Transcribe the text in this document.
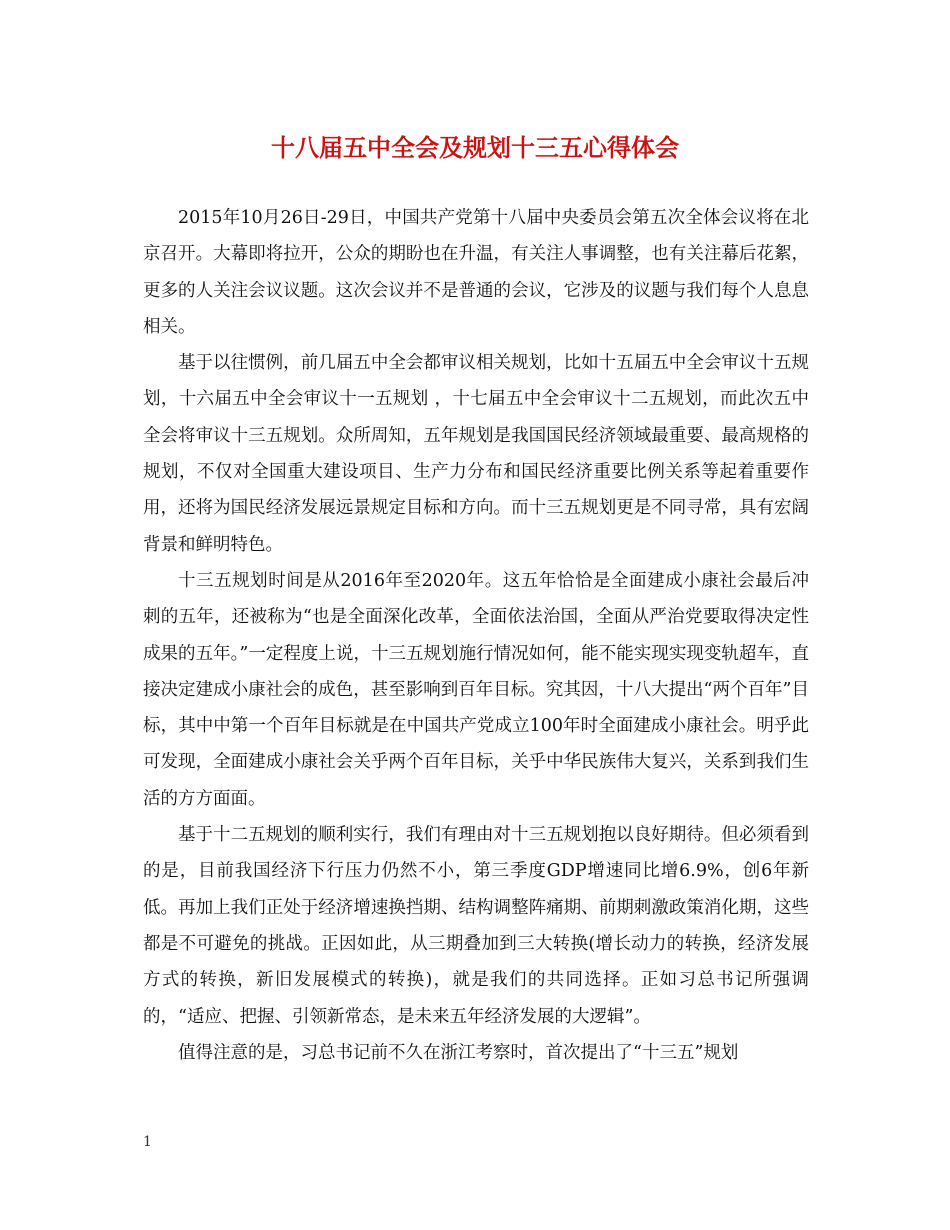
十八届五中全会及规划十三五心得体会

2015年10月26日-29日，中国共产党第十八届中央委员会第五次全体会议将在北京召开。大幕即将拉开，公众的期盼也在升温，有关注人事调整，也有关注幕后花絮，更多的人关注会议议题。这次会议并不是普通的会议，它涉及的议题与我们每个人息息相关。

基于以往惯例，前几届五中全会都审议相关规划，比如十五届五中全会审议十五规划，十六届五中全会审议十一五规划 ，十七届五中全会审议十二五规划，而此次五中全会将审议十三五规划。众所周知，五年规划是我国国民经济领域最重要、最高规格的规划，不仅对全国重大建设项目、生产力分布和国民经济重要比例关系等起着重要作用，还将为国民经济发展远景规定目标和方向。而十三五规划更是不同寻常，具有宏阔背景和鲜明特色。

十三五规划时间是从2016年至2020年。这五年恰恰是全面建成小康社会最后冲刺的五年，还被称为“也是全面深化改革，全面依法治国，全面从严治党要取得决定性成果的五年。”一定程度上说，十三五规划施行情况如何，能不能实现实现变轨超车，直接决定建成小康社会的成色，甚至影响到百年目标。究其因，十八大提出“两个百年”目标，其中中第一个百年目标就是在中国共产党成立100年时全面建成小康社会。明乎此可发现，全面建成小康社会关乎两个百年目标，关乎中华民族伟大复兴，关系到我们生活的方方面面。

基于十二五规划的顺利实行，我们有理由对十三五规划抱以良好期待。但必须看到的是，目前我国经济下行压力仍然不小，第三季度GDP增速同比增6.9%，创6年新低。再加上我们正处于经济增速换挡期、结构调整阵痛期、前期刺激政策消化期，这些都是不可避免的挑战。正因如此，从三期叠加到三大转换(增长动力的转换，经济发展方式的转换，新旧发展模式的转换)，就是我们的共同选择。正如习总书记所强调的，“适应、把握、引领新常态，是未来五年经济发展的大逻辑”。

值得注意的是，习总书记前不久在浙江考察时，首次提出了“十三五”规划

1
